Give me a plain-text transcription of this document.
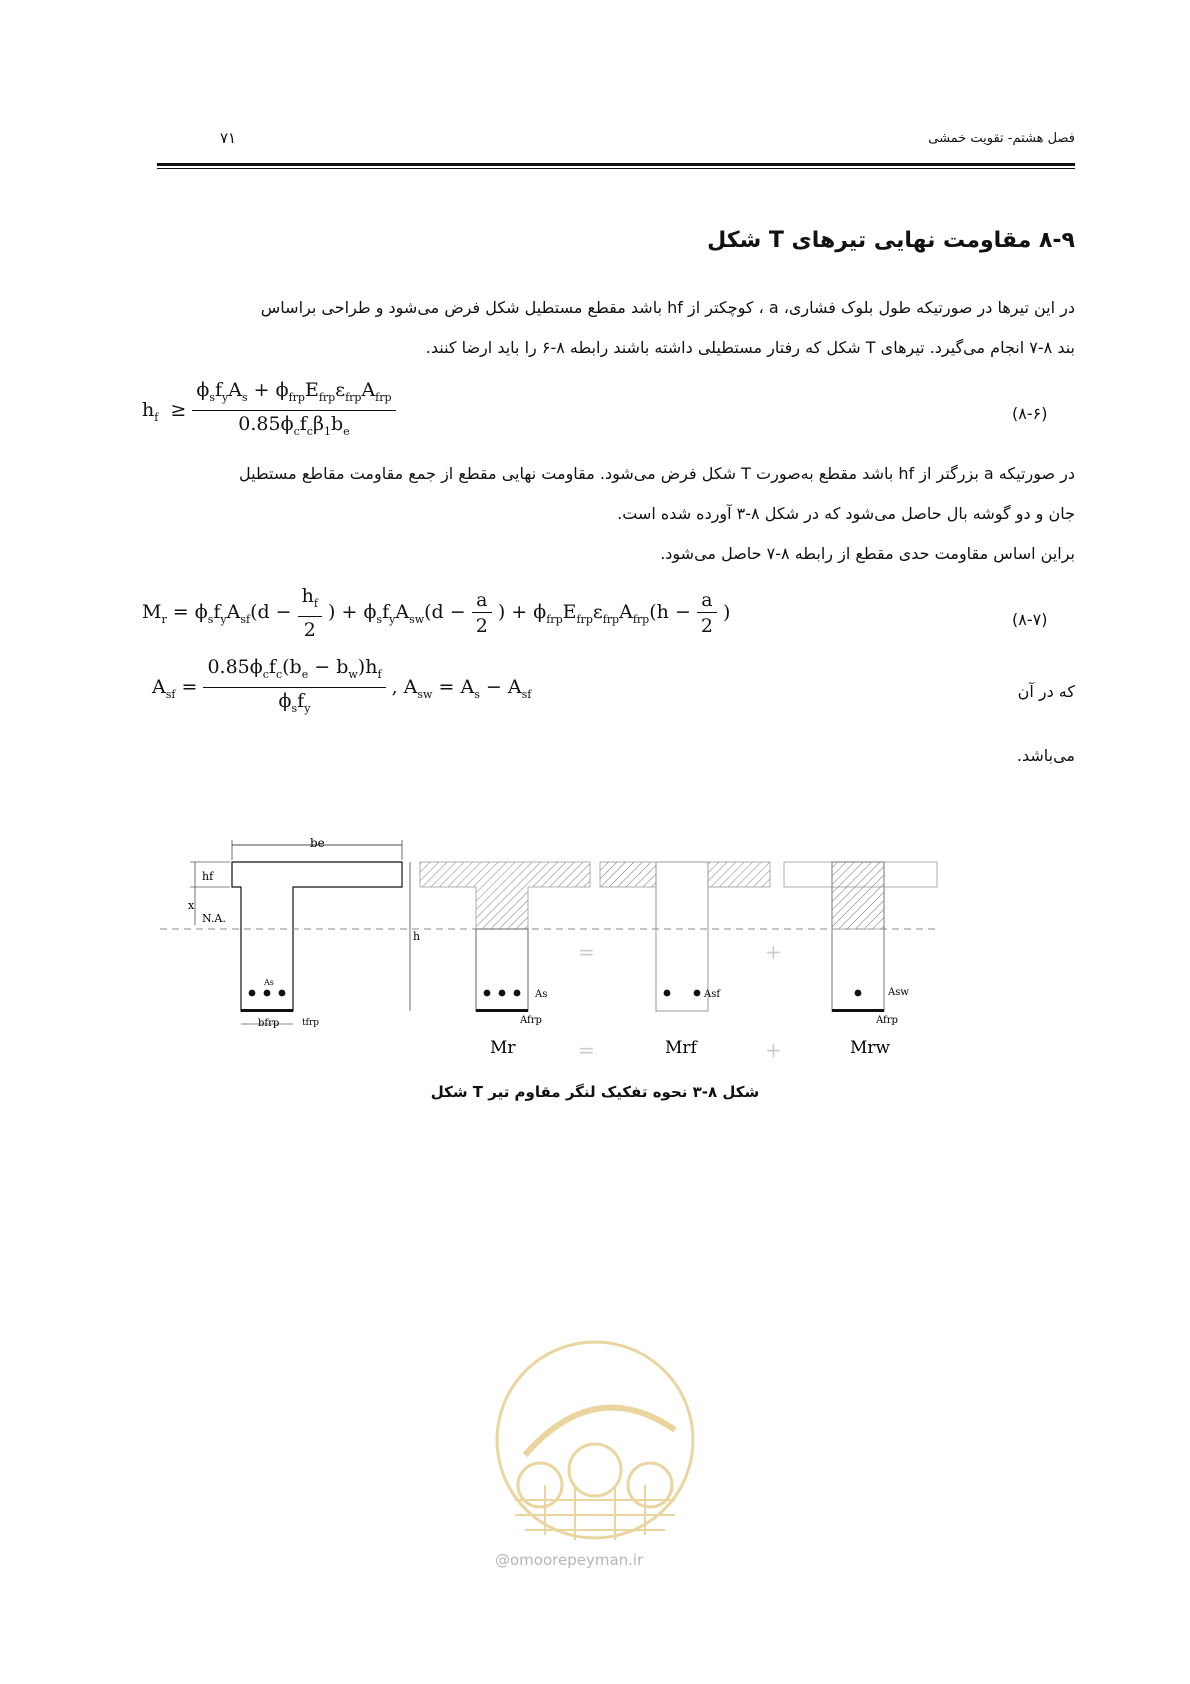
فصل هشتم- تقویت خمشی
۷۱
۸-۹ مقاومت نهایی تیرهای T شکل
در این تیرها در صورتیکه طول بلوک فشاری، a ، کوچکتر از hf باشد مقطع مستطیل شکل فرض می‌شود و طراحی براساس
بند ۸-۷ انجام می‌گیرد. تیرهای T شکل که رفتار مستطیلی داشته باشند رابطه ۸-۶ را باید ارضا کنند.
$h_f \ge \frac{\phi_sf_yA_s + \phi_{frp}E_{frp}\varepsilon_{frp}A_{frp}}{0.85\phi_cf_c\beta_1b_e}$	(۸-۶)
در صورتیکه a بزرگتر از hf باشد مقطع به‌صورت T شکل فرض می‌شود. مقاومت نهایی مقطع از جمع مقاومت مقاطع مستطیل
جان و دو گوشه بال حاصل می‌شود که در شکل ۸-۳ آورده شده است.
براین اساس مقاومت حدی مقطع از رابطه ۸-۷ حاصل می‌شود.
$M_r = \phi_sf_yA_{sf}(d - \frac{h_f}{2}$ ) + $\phi_sf_yA_{sw}(d - \frac{a}{2}$ ) + $\phi_{frp}E_{frp}\varepsilon_{frp}A_{frp}(h - \frac{a}{2}$ )	(۸-۷)
$A_{sf} = \frac{0.85\phi_cf_c(b_e - b_w)h_f}{\phi_sf_y}$ , $A_{sw} = A_s - A_{sf}$	که در آن
می‌باشد.
be
hf
x
N.A.
h
As
bfrp	tfrp
As
Afrp
=
Asf
+
Asw
Afrp
Mr	=	Mrf	+	Mrw
شکل ۸-۳ نحوه تفکیک لنگر مقاوم تیر T شکل
@omoorepeyman.ir
